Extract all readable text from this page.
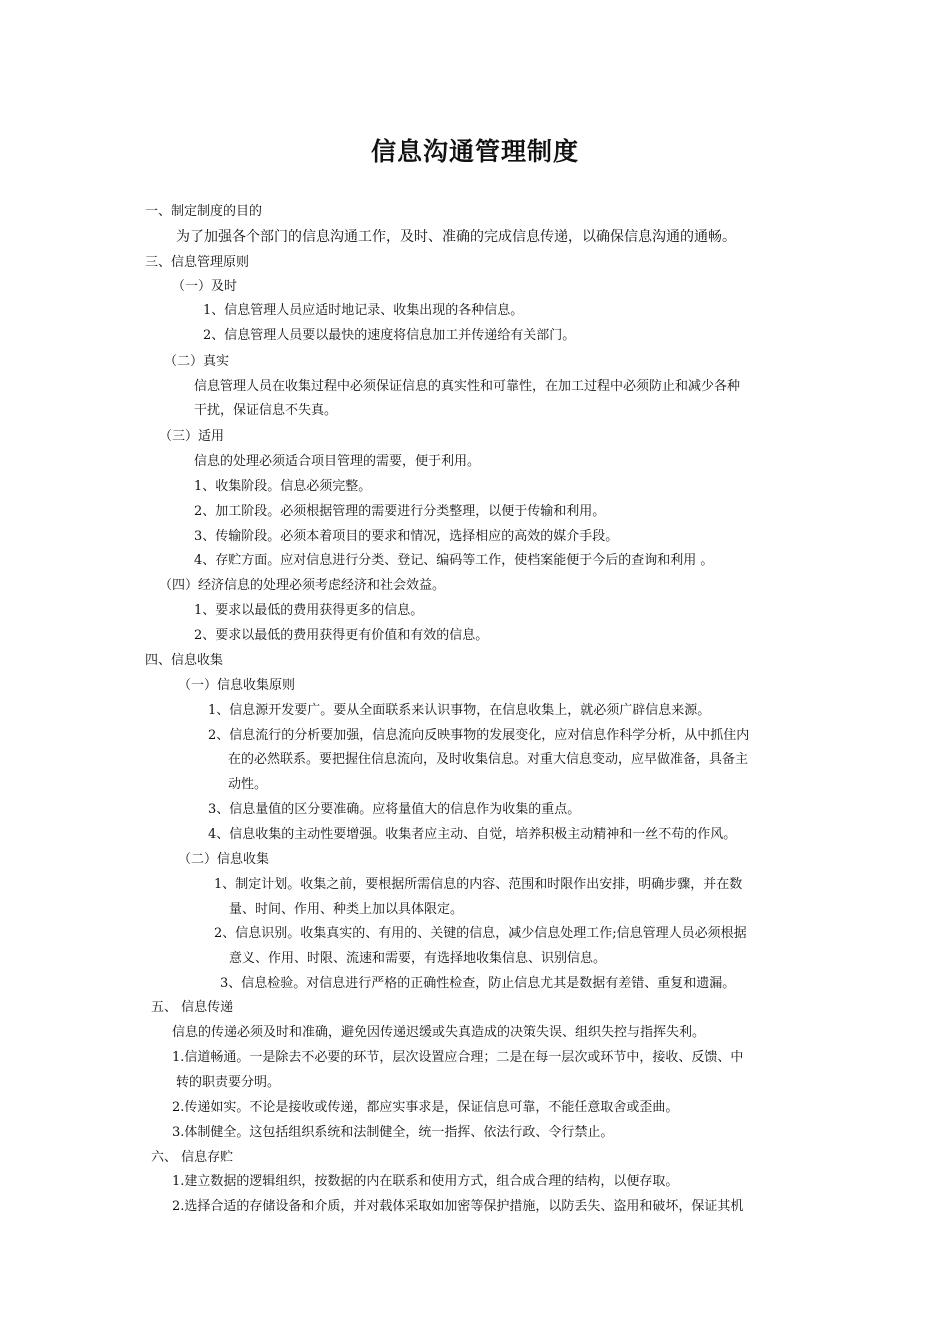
信息沟通管理制度
一、制定制度的目的
为了加强各个部门的信息沟通工作，及时、准确的完成信息传递，以确保信息沟通的通畅。
三、信息管理原则
（一）及时
1、信息管理人员应适时地记录、收集出现的各种信息。
2、信息管理人员要以最快的速度将信息加工并传递给有关部门。
（二）真实
信息管理人员在收集过程中必须保证信息的真实性和可靠性，在加工过程中必须防止和减少各种
干扰，保证信息不失真。
（三）适用
信息的处理必须适合项目管理的需要，便于利用。
1、收集阶段。信息必须完整。
2、加工阶段。必须根据管理的需要进行分类整理，以便于传输和利用。
3、传输阶段。必须本着项目的要求和情况，选择相应的高效的媒介手段。
4、存贮方面。应对信息进行分类、登记、编码等工作，使档案能便于今后的查询和利用 。
（四）经济信息的处理必须考虑经济和社会效益。
1、要求以最低的费用获得更多的信息。
2、要求以最低的费用获得更有价值和有效的信息。
四、信息收集
（一）信息收集原则
1、信息源开发要广。要从全面联系来认识事物，在信息收集上，就必须广辟信息来源。
2、信息流行的分析要加强，信息流向反映事物的发展变化，应对信息作科学分析，从中抓住内
在的必然联系。要把握住信息流向，及时收集信息。对重大信息变动，应早做准备，具备主
动性。
3、信息量值的区分要准确。应将量值大的信息作为收集的重点。
4、信息收集的主动性要增强。收集者应主动、自觉，培养积极主动精神和一丝不苟的作风。
（二）信息收集
1、制定计划。收集之前，要根据所需信息的内容、范围和时限作出安排，明确步骤，并在数
量、时间、作用、种类上加以具体限定。
2、信息识别。收集真实的、有用的、关键的信息，减少信息处理工作;信息管理人员必须根据
意义、作用、时限、流速和需要，有选择地收集信息、识别信息。
3、信息检验。对信息进行严格的正确性检查，防止信息尤其是数据有差错、重复和遗漏。
五、 信息传递
信息的传递必须及时和准确，避免因传递迟缓或失真造成的决策失误、组织失控与指挥失利。
1.信道畅通。一是除去不必要的环节，层次设置应合理；二是在每一层次或环节中，接收、反馈、中
转的职责要分明。
2.传递如实。不论是接收或传递，都应实事求是，保证信息可靠，不能任意取舍或歪曲。
3.体制健全。这包括组织系统和法制健全，统一指挥、依法行政、令行禁止。
六、 信息存贮
1.建立数据的逻辑组织，按数据的内在联系和使用方式，组合成合理的结构，以便存取。
2.选择合适的存储设备和介质，并对载体采取如加密等保护措施，以防丢失、盗用和破坏，保证其机
